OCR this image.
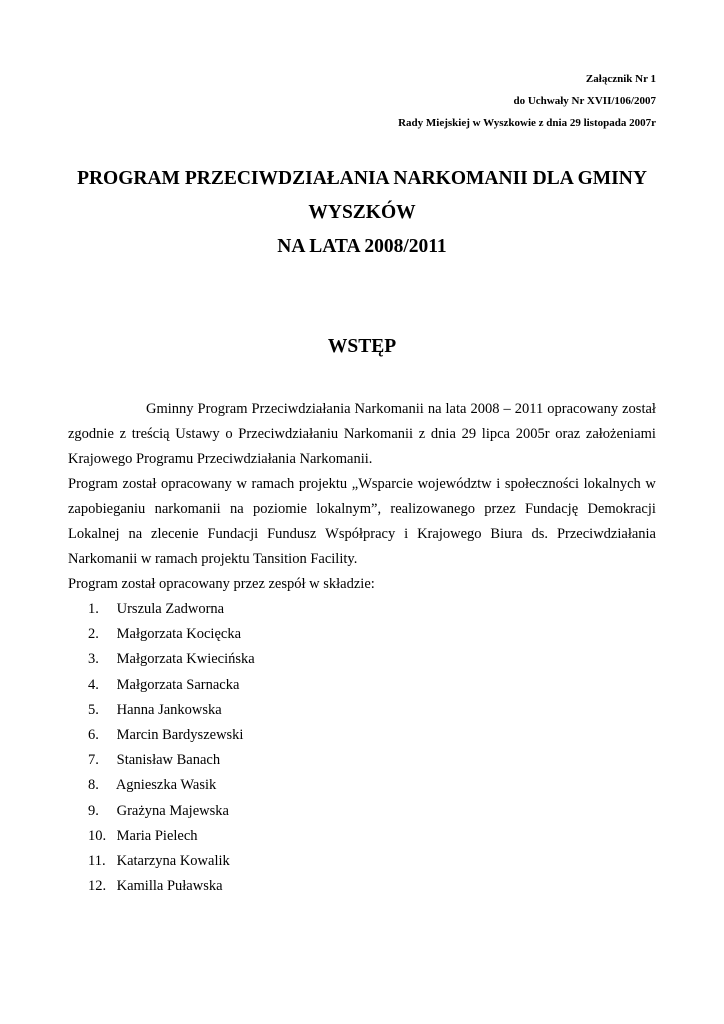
Załącznik Nr 1
do Uchwały Nr XVII/106/2007
Rady Miejskiej w Wyszkowie z dnia 29 listopada 2007r
PROGRAM PRZECIWDZIAŁANIA NARKOMANII DLA GMINY
WYSZKÓW
NA LATA 2008/2011
WSTĘP
Gminny Program Przeciwdziałania Narkomanii na lata 2008 – 2011 opracowany został
zgodnie z treścią Ustawy o Przeciwdziałaniu Narkomanii z dnia 29 lipca 2005r oraz założeniami
Krajowego Programu Przeciwdziałania Narkomanii.
Program został opracowany w ramach projektu „Wsparcie województw i społeczności lokalnych w
zapobieganiu narkomanii na poziomie lokalnym”, realizowanego przez Fundację Demokracji
Lokalnej na zlecenie Fundacji Fundusz Współpracy i Krajowego Biura ds. Przeciwdziałania
Narkomanii w ramach projektu Tansition Facility.
Program został opracowany przez zespół w składzie:
1. Urszula Zadworna
2. Małgorzata Kocięcka
3. Małgorzata Kwiecińska
4. Małgorzata Sarnacka
5. Hanna Jankowska
6. Marcin Bardyszewski
7. Stanisław Banach
8. Agnieszka Wasik
9. Grażyna Majewska
10. Maria Pielech
11. Katarzyna Kowalik
12. Kamilla Puławska
